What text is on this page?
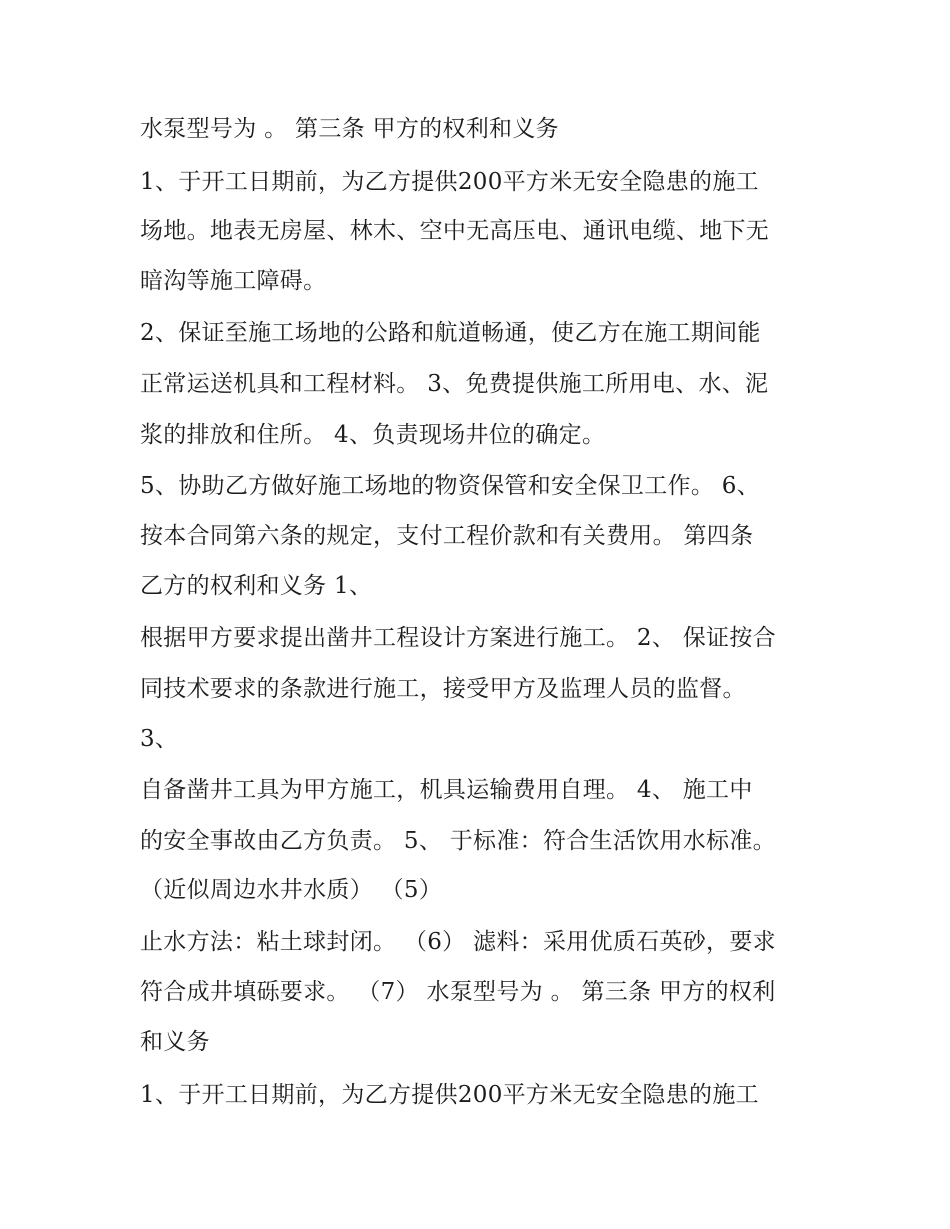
水泵型号为 。 第三条 甲方的权利和义务
1、于开工日期前，为乙方提供200平方米无安全隐患的施工
场地。地表无房屋、林木、空中无高压电、通讯电缆、地下无
暗沟等施工障碍。
2、保证至施工场地的公路和航道畅通，使乙方在施工期间能
正常运送机具和工程材料。 3、免费提供施工所用电、水、泥
浆的排放和住所。 4、负责现场井位的确定。
5、协助乙方做好施工场地的物资保管和安全保卫工作。 6、
按本合同第六条的规定，支付工程价款和有关费用。 第四条
乙方的权利和义务 1、
根据甲方要求提出凿井工程设计方案进行施工。 2、 保证按合
同技术要求的条款进行施工，接受甲方及监理人员的监督。
3、
自备凿井工具为甲方施工，机具运输费用自理。 4、 施工中
的安全事故由乙方负责。 5、 于标准：符合生活饮用水标准。
（近似周边水井水质） （5）
止水方法：粘土球封闭。 （6） 滤料：采用优质石英砂，要求
符合成井填砾要求。 （7） 水泵型号为 。 第三条 甲方的权利
和义务
1、于开工日期前，为乙方提供200平方米无安全隐患的施工
